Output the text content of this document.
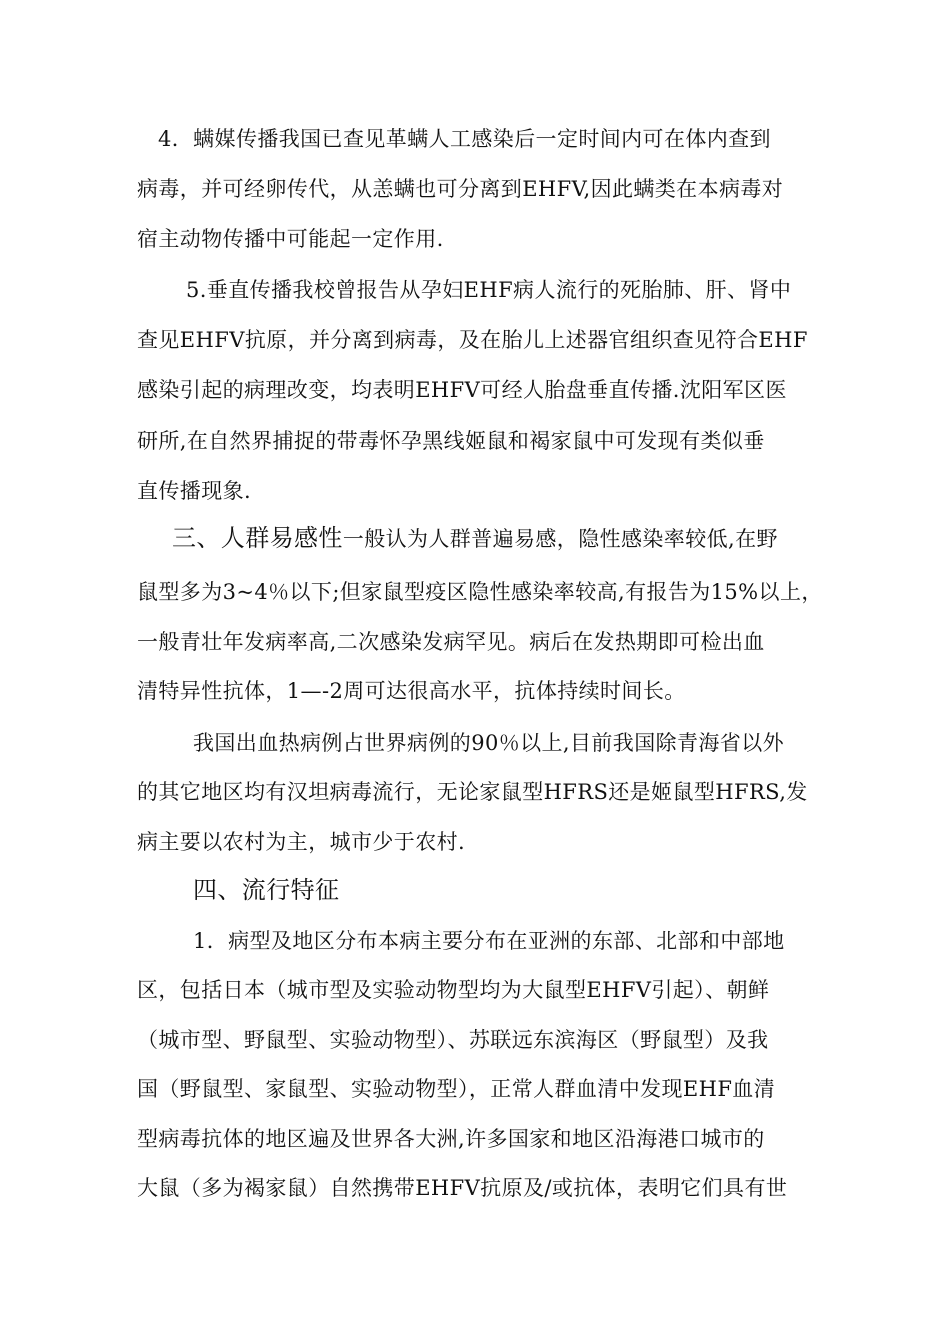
4．螨媒传播我国已查见革螨人工感染后一定时间内可在体内查到
病毒，并可经卵传代，从恙螨也可分离到EHFV,因此螨类在本病毒对
宿主动物传播中可能起一定作用.
5.垂直传播我校曾报告从孕妇EHF病人流行的死胎肺、肝、肾中
查见EHFV抗原，并分离到病毒，及在胎儿上述器官组织查见符合EHF
感染引起的病理改变，均表明EHFV可经人胎盘垂直传播.沈阳军区医
研所,在自然界捕捉的带毒怀孕黑线姬鼠和褐家鼠中可发现有类似垂
直传播现象.
三、人群易感性一般认为人群普遍易感，隐性感染率较低,在野
鼠型多为3~4％以下;但家鼠型疫区隐性感染率较高,有报告为15%以上，
一般青壮年发病率高,二次感染发病罕见。病后在发热期即可检出血
清特异性抗体，1—-2周可达很高水平，抗体持续时间长。
我国出血热病例占世界病例的90％以上,目前我国除青海省以外
的其它地区均有汉坦病毒流行，无论家鼠型HFRS还是姬鼠型HFRS,发
病主要以农村为主，城市少于农村.
四、流行特征
1．病型及地区分布本病主要分布在亚洲的东部、北部和中部地
区，包括日本（城市型及实验动物型均为大鼠型EHFV引起）、朝鲜
（城市型、野鼠型、实验动物型）、苏联远东滨海区（野鼠型）及我
国（野鼠型、家鼠型、实验动物型），正常人群血清中发现EHF血清
型病毒抗体的地区遍及世界各大洲,许多国家和地区沿海港口城市的
大鼠（多为褐家鼠）自然携带EHFV抗原及/或抗体，表明它们具有世
